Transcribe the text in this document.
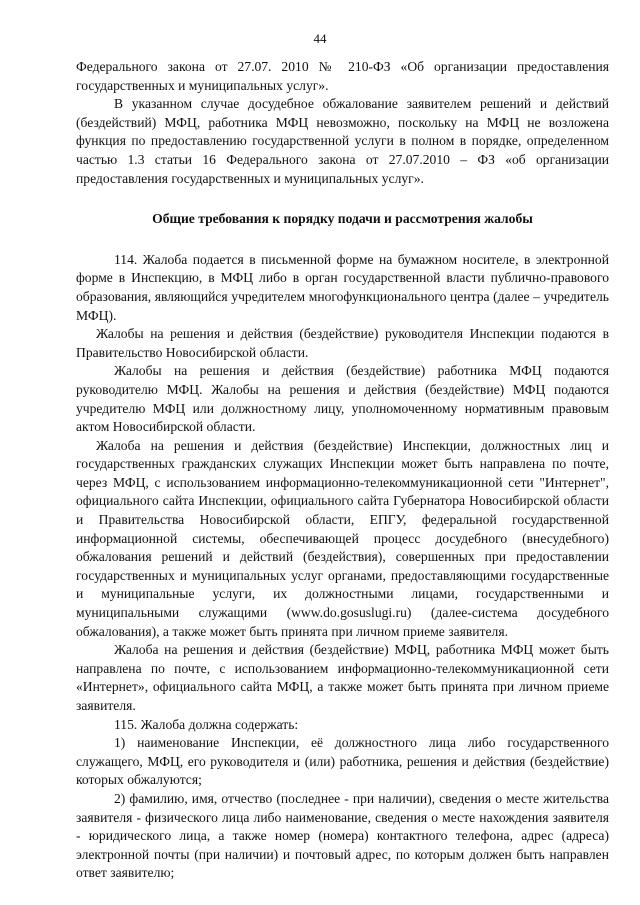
44

Федерального закона от 27.07. 2010 № 210-ФЗ «Об организации предоставления государственных и муниципальных услуг».

В указанном случае досудебное обжалование заявителем решений и действий (бездействий) МФЦ, работника МФЦ невозможно, поскольку на МФЦ не возложена функция по предоставлению государственной услуги в полном в порядке, определенном частью 1.3 статьи 16 Федерального закона от 27.07.2010 – ФЗ «об организации предоставления государственных и муниципальных услуг».

Общие требования к порядку подачи и рассмотрения жалобы

114. Жалоба подается в письменной форме на бумажном носителе, в электронной форме в Инспекцию, в МФЦ либо в орган государственной власти публично-правового образования, являющийся учредителем многофункционального центра (далее – учредитель МФЦ).

Жалобы на решения и действия (бездействие) руководителя Инспекции подаются в Правительство Новосибирской области.

Жалобы на решения и действия (бездействие) работника МФЦ подаются руководителю МФЦ. Жалобы на решения и действия (бездействие) МФЦ подаются учредителю МФЦ или должностному лицу, уполномоченному нормативным правовым актом Новосибирской области.

Жалоба на решения и действия (бездействие) Инспекции, должностных лиц и государственных гражданских служащих Инспекции может быть направлена по почте, через МФЦ, с использованием информационно-телекоммуникационной сети "Интернет", официального сайта Инспекции, официального сайта Губернатора Новосибирской области и Правительства Новосибирской области, ЕПГУ, федеральной государственной информационной системы, обеспечивающей процесс досудебного (внесудебного) обжалования решений и действий (бездействия), совершенных при предоставлении государственных и муниципальных услуг органами, предоставляющими государственные и муниципальные услуги, их должностными лицами, государственными и муниципальными служащими (www.do.gosuslugi.ru) (далее-система досудебного обжалования), а также может быть принята при личном приеме заявителя.

Жалоба на решения и действия (бездействие) МФЦ, работника МФЦ может быть направлена по почте, с использованием информационно-телекоммуникационной сети «Интернет», официального сайта МФЦ, а также может быть принята при личном приеме заявителя.

115. Жалоба должна содержать:

1) наименование Инспекции, её должностного лица либо государственного служащего, МФЦ, его руководителя и (или) работника, решения и действия (бездействие) которых обжалуются;

2) фамилию, имя, отчество (последнее - при наличии), сведения о месте жительства заявителя - физического лица либо наименование, сведения о месте нахождения заявителя - юридического лица, а также номер (номера) контактного телефона, адрес (адреса) электронной почты (при наличии) и почтовый адрес, по которым должен быть направлен ответ заявителю;
